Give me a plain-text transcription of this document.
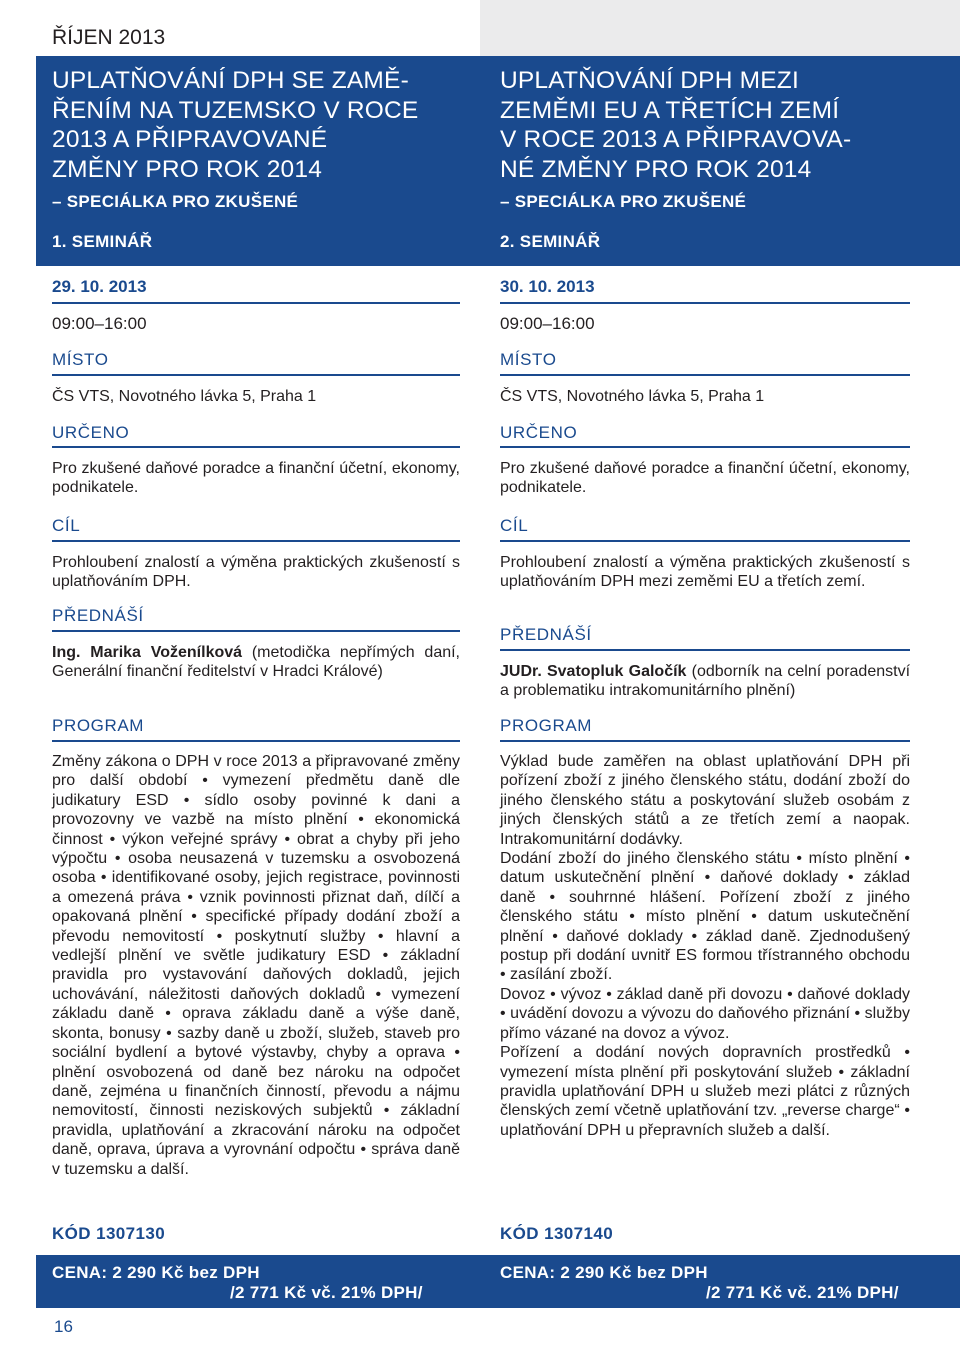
ŘÍJEN 2013
UPLATŇOVÁNÍ DPH SE ZAMĚ-
ŘENÍM NA TUZEMSKO V ROCE
2013 A PŘIPRAVOVANÉ
ZMĚNY PRO ROK 2014
– SPECIÁLKA PRO ZKUŠENÉ
1. SEMINÁŘ
29. 10. 2013
09:00–16:00
MÍSTO
ČS VTS, Novotného lávka 5, Praha 1
URČENO
Pro zkušené daňové poradce a finanční účetní, ekonomy, podnikatele.
CÍL
Prohloubení znalostí a výměna praktických zkušeností s uplatňováním DPH.
PŘEDNÁŠÍ
Ing. Marika Voženílková (metodička nepřímých daní, Generální finanční ředitelství v Hradci Králové)
PROGRAM
Změny zákona o DPH v roce 2013 a připravované změny pro další období • vymezení předmětu daně dle judikatury ESD • sídlo osoby povinné k dani a provozovny ve vazbě na místo plnění • ekonomická činnost • výkon veřejné správy • obrat a chyby při jeho výpočtu • osoba neusazená v tuzemsku a osvobozená osoba • identifikované osoby, jejich registrace, povinnosti a omezená práva • vznik povinnosti přiznat daň, dílčí a opakovaná plnění • specifické případy dodání zboží a převodu nemovitostí • poskytnutí služby • hlavní a vedlejší plnění ve světle judikatury ESD • základní pravidla pro vystavování daňových dokladů, jejich uchovávání, náležitosti daňových dokladů • vymezení základu daně • oprava základu daně a výše daně, skonta, bonusy • sazby daně u zboží, služeb, staveb pro sociální bydlení a bytové výstavby, chyby a oprava • plnění osvobozená od daně bez nároku na odpočet daně, zejména u finančních činností, převodu a nájmu nemovitostí, činnosti neziskových subjektů • základní pravidla, uplatňování a zkracování nároku na odpočet daně, oprava, úprava a vyrovnání odpočtu • správa daně v tuzemsku a další.
UPLATŇOVÁNÍ DPH MEZI
ZEMĚMI EU A TŘETÍCH ZEMÍ
V ROCE 2013 A PŘIPRAVOVA-
NÉ ZMĚNY PRO ROK 2014
– SPECIÁLKA PRO ZKUŠENÉ
2. SEMINÁŘ
30. 10. 2013
09:00–16:00
MÍSTO
ČS VTS, Novotného lávka 5, Praha 1
URČENO
Pro zkušené daňové poradce a finanční účetní, ekonomy, podnikatele.
CÍL
Prohloubení znalostí a výměna praktických zkušeností s uplatňováním DPH mezi zeměmi EU a třetích zemí.
PŘEDNÁŠÍ
JUDr. Svatopluk Galočík (odborník na celní poradenství a problematiku intrakomunitárního plnění)
PROGRAM
Výklad bude zaměřen na oblast uplatňování DPH při pořízení zboží z jiného členského státu, dodání zboží do jiného členského státu a poskytování služeb osobám z jiných členských států a ze třetích zemí a naopak. Intrakomunitární dodávky.
Dodání zboží do jiného členského státu • místo plnění • datum uskutečnění plnění • daňové doklady • základ daně • souhrnné hlášení. Pořízení zboží z jiného členského státu • místo plnění • datum uskutečnění plnění • daňové doklady • základ daně. Zjednodušený postup při dodání uvnitř ES formou třístranného obchodu • zasílání zboží.
Dovoz • vývoz • základ daně při dovozu • daňové doklady • uvádění dovozu a vývozu do daňového přiznání • služby přímo vázané na dovoz a vývoz.
Pořízení a dodání nových dopravních prostředků • vymezení místa plnění při poskytování služeb • základní pravidla uplatňování DPH u služeb mezi plátci z různých členských zemí včetně uplatňování tzv. „reverse charge“ • uplatňování DPH u přepravních služeb a další.
KÓD 1307130	KÓD 1307140
CENA: 2 290 Kč bez DPH
/2 771 Kč vč. 21% DPH/
CENA: 2 290 Kč bez DPH
/2 771 Kč vč. 21% DPH/
16
